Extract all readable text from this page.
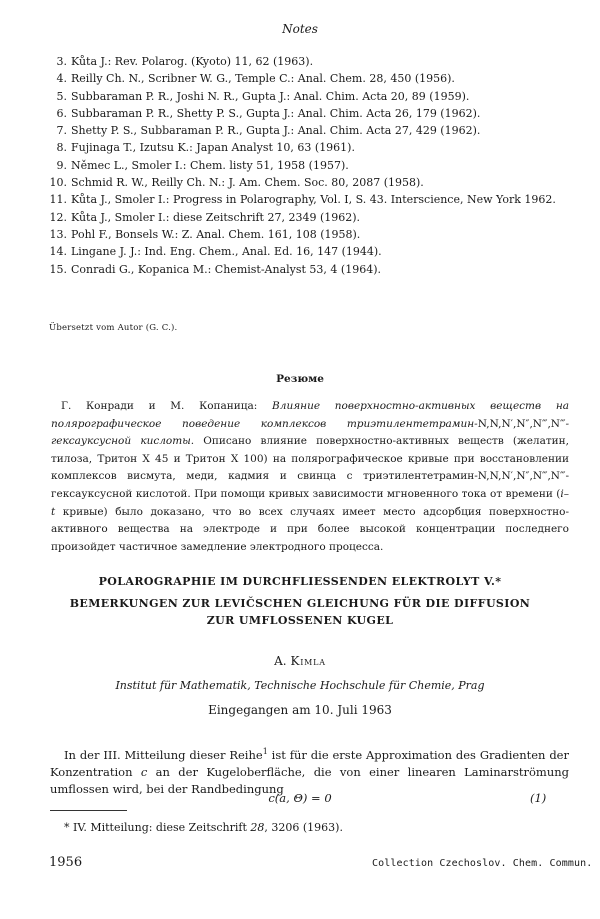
Notes
3. Kůta J.: Rev. Polarog. (Kyoto) 11, 62 (1963).
4. Reilly Ch. N., Scribner W. G., Temple C.: Anal. Chem. 28, 450 (1956).
5. Subbaraman P. R., Joshi N. R., Gupta J.: Anal. Chim. Acta 20, 89 (1959).
6. Subbaraman P. R., Shetty P. S., Gupta J.: Anal. Chim. Acta 26, 179 (1962).
7. Shetty P. S., Subbaraman P. R., Gupta J.: Anal. Chim. Acta 27, 429 (1962).
8. Fujinaga T., Izutsu K.: Japan Analyst 10, 63 (1961).
9. Němec L., Smoler I.: Chem. listy 51, 1958 (1957).
10. Schmid R. W., Reilly Ch. N.: J. Am. Chem. Soc. 80, 2087 (1958).
11. Kůta J., Smoler I.: Progress in Polarography, Vol. I, S. 43. Interscience, New York 1962.
12. Kůta J., Smoler I.: diese Zeitschrift 27, 2349 (1962).
13. Pohl F., Bonsels W.: Z. Anal. Chem. 161, 108 (1958).
14. Lingane J. J.: Ind. Eng. Chem., Anal. Ed. 16, 147 (1944).
15. Conradi G., Kopanica M.: Chemist-Analyst 53, 4 (1964).
Übersetzt vom Autor (G. C.).
Резюме
Г. Конради и М. Копаница: Влияние поверхностно-активных веществ на полярографическое поведение комплексов триэтилентетрамин-N,N,N′,N″,N‴,N‴-гексауксусной кислоты. Описано влияние поверхностно-активных веществ (желатин, тилоза, Тритон X 45 и Тритон X 100) на полярографическое кривые при восстановлении комплексов висмута, меди, кадмия и свинца с триэтилентетрамин-N,N,N′,N″,N‴,N‴-гексауксусной кислотой. При помощи кривых зависимости мгновенного тока от времени (i–t кривые) было доказано, что во всех случаях имеет место адсорбция поверхностно-активного вещества на электроде и при более высокой концентрации последнего произойдет частичное замедление электродного процесса.
POLAROGRAPHIE IM DURCHFLIESSENDEN ELEKTROLYT V.*
BEMERKUNGEN ZUR LEVIČSCHEN GLEICHUNG FÜR DIE DIFFUSION
ZUR UMFLOSSENEN KUGEL
A. Kimla
Institut für Mathematik, Technische Hochschule für Chemie, Prag
Eingegangen am 10. Juli 1963
In der III. Mitteilung dieser Reihe$^1$ ist für die erste Approximation des Gradienten der Konzentration c an der Kugeloberfläche, die von einer linearen Laminarströmung umflossen wird, bei der Randbedingung
c(a, Θ) = 0	(1)
* IV. Mitteilung: diese Zeitschrift 28, 3206 (1963).
1956	Collection Czechoslov. Chem. Commun.
